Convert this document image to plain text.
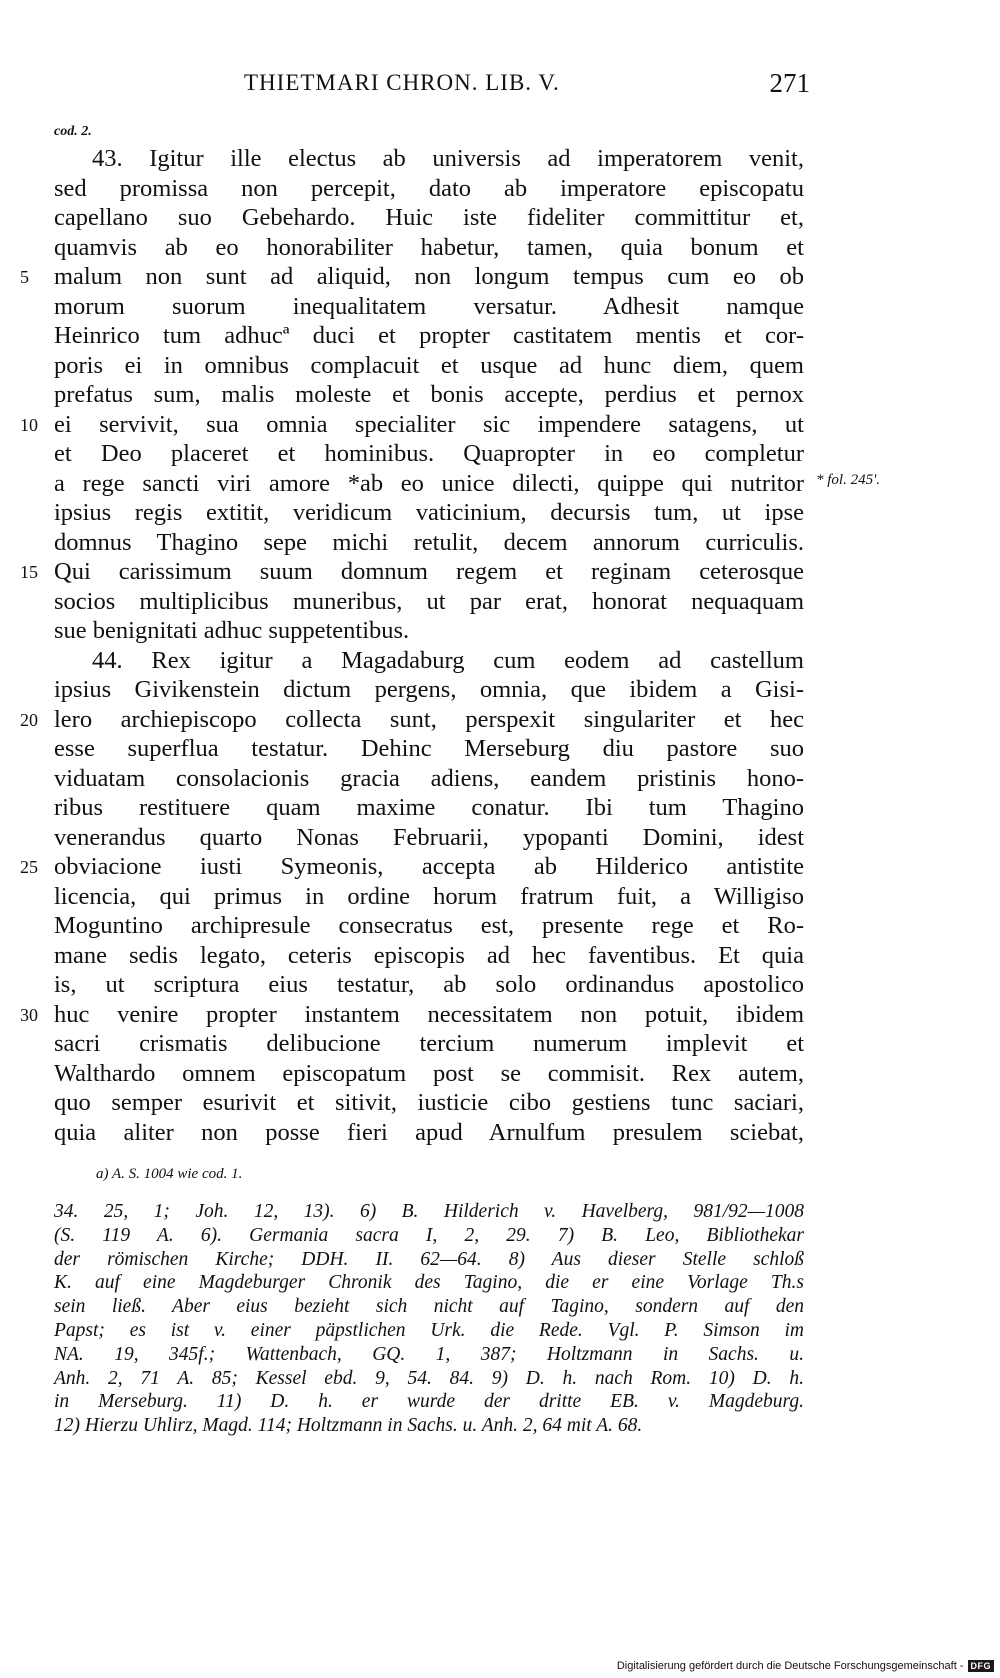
THIETMARI CHRON. LIB. V.	271
cod. 2.
43. Igitur ille electus ab universis ad imperatorem venit,
sed promissa non percepit, dato ab imperatore episcopatu
capellano suo Gebehardo. Huic iste fideliter committitur et,
quamvis ab eo honorabiliter habetur, tamen, quia bonum et
5	malum non sunt ad aliquid, non longum tempus cum eo ob
morum suorum inequalitatem versatur. Adhesit namque
Heinrico tum adhucª duci et propter castitatem mentis et cor-
poris ei in omnibus complacuit et usque ad hunc diem, quem
prefatus sum, malis moleste et bonis accepte, perdius et pernox
10 ei servivit, sua omnia specialiter sic impendere satagens, ut
et Deo placeret et hominibus. Quapropter in eo completur
a rege sancti viri amore *ab eo unice dilecti, quippe qui nutritor
ipsius regis extitit, veridicum vaticinium, decursis tum, ut ipse
domnus Thagino sepe michi retulit, decem annorum curriculis.
15 Qui carissimum suum domnum regem et reginam ceterosque
socios multiplicibus muneribus, ut par erat, honorat nequaquam
sue benignitati adhuc suppetentibus.
44. Rex igitur a Magadaburg cum eodem ad castellum
ipsius Givikenstein dictum pergens, omnia, que ibidem a Gisi-
20 lero archiepiscopo collecta sunt, perspexit singulariter et hec
esse superflua testatur. Dehinc Merseburg diu pastore suo
viduatam consolacionis gracia adiens, eandem pristinis hono-
ribus restituere quam maxime conatur. Ibi tum Thagino
venerandus quarto Nonas Februarii, ypopanti Domini, idest
25 obviacione iusti Symeonis, accepta ab Hilderico antistite
licencia, qui primus in ordine horum fratrum fuit, a Willigiso
Moguntino archipresule consecratus est, presente rege et Ro-
mane sedis legato, ceteris episcopis ad hec faventibus. Et quia
is, ut scriptura eius testatur, ab solo ordinandus apostolico
30 huc venire propter instantem necessitatem non potuit, ibidem
sacri crismatis delibucione tercium numerum implevit et
Walthardo omnem episcopatum post se commisit. Rex autem,
quo semper esurivit et sitivit, iusticie cibo gestiens tunc saciari,
quia aliter non posse fieri apud Arnulfum presulem sciebat,
* fol. 245'.
a) A. S. 1004 wie cod. 1.
34. 25, 1; Joh. 12, 13). 6) B. Hilderich v. Havelberg, 981/92—1008
(S. 119 A. 6). Germania sacra I, 2, 29. 7) B. Leo, Bibliothekar
der römischen Kirche; DDH. II. 62—64. 8) Aus dieser Stelle schloß
K. auf eine Magdeburger Chronik des Tagino, die er eine Vorlage Th.s
sein ließ. Aber eius bezieht sich nicht auf Tagino, sondern auf den
Papst; es ist v. einer päpstlichen Urk. die Rede. Vgl. P. Simson im
NA. 19, 345f.; Wattenbach, GQ. 1, 387; Holtzmann in Sachs. u.
Anh. 2, 71 A. 85; Kessel ebd. 9, 54. 84. 9) D. h. nach Rom. 10) D. h.
in Merseburg. 11) D. h. er wurde der dritte EB. v. Magdeburg.
12) Hierzu Uhlirz, Magd. 114; Holtzmann in Sachs. u. Anh. 2, 64 mit A. 68.
Digitalisierung gefördert durch die Deutsche Forschungsgemeinschaft - DFG
